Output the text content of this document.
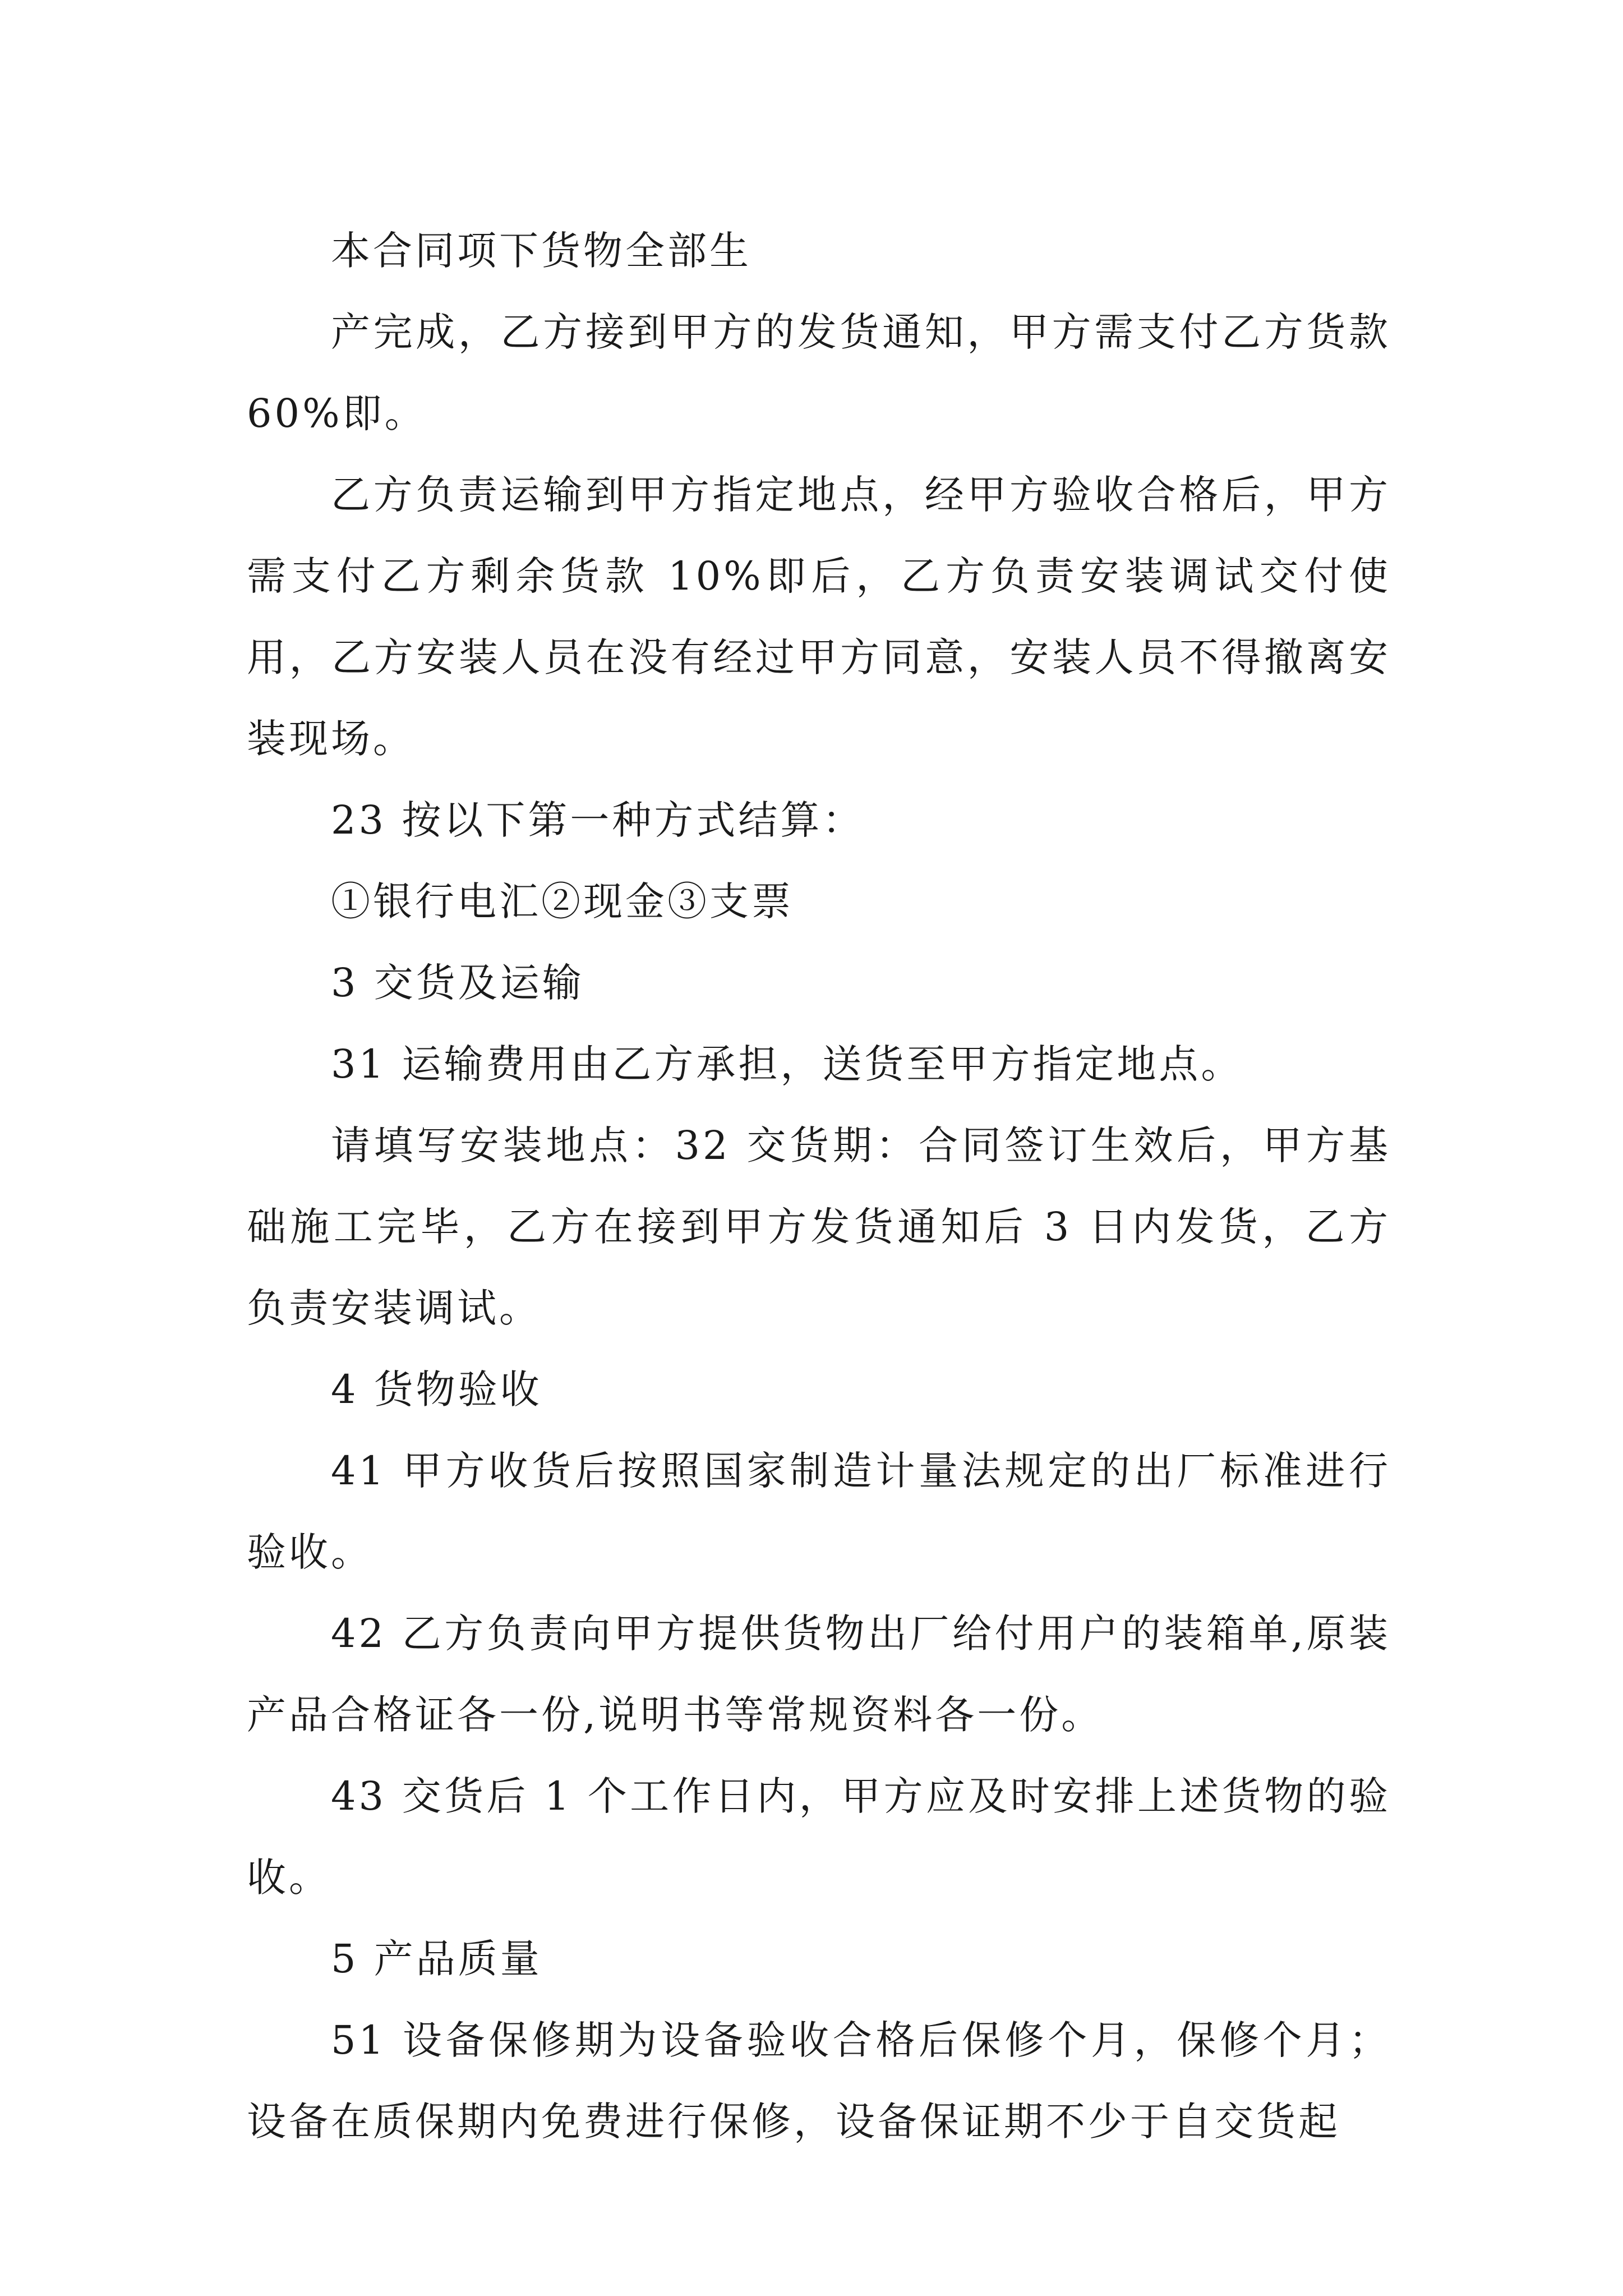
本合同项下货物全部生

产完成，乙方接到甲方的发货通知，甲方需支付乙方货款 60%即。

乙方负责运输到甲方指定地点，经甲方验收合格后，甲方需支付乙方剩余货款 10%即后，乙方负责安装调试交付使用，乙方安装人员在没有经过甲方同意，安装人员不得撤离安装现场。

23 按以下第一种方式结算：

①银行电汇②现金③支票

3 交货及运输

31 运输费用由乙方承担，送货至甲方指定地点。

请填写安装地点：32 交货期：合同签订生效后，甲方基础施工完毕，乙方在接到甲方发货通知后 3 日内发货，乙方负责安装调试。

4 货物验收

41 甲方收货后按照国家制造计量法规定的出厂标准进行验收。

42 乙方负责向甲方提供货物出厂给付用户的装箱单,原装产品合格证各一份,说明书等常规资料各一份。

43 交货后 1 个工作日内，甲方应及时安排上述货物的验收。

5 产品质量

51 设备保修期为设备验收合格后保修个月，保修个月；设备在质保期内免费进行保修，设备保证期不少于自交货起
